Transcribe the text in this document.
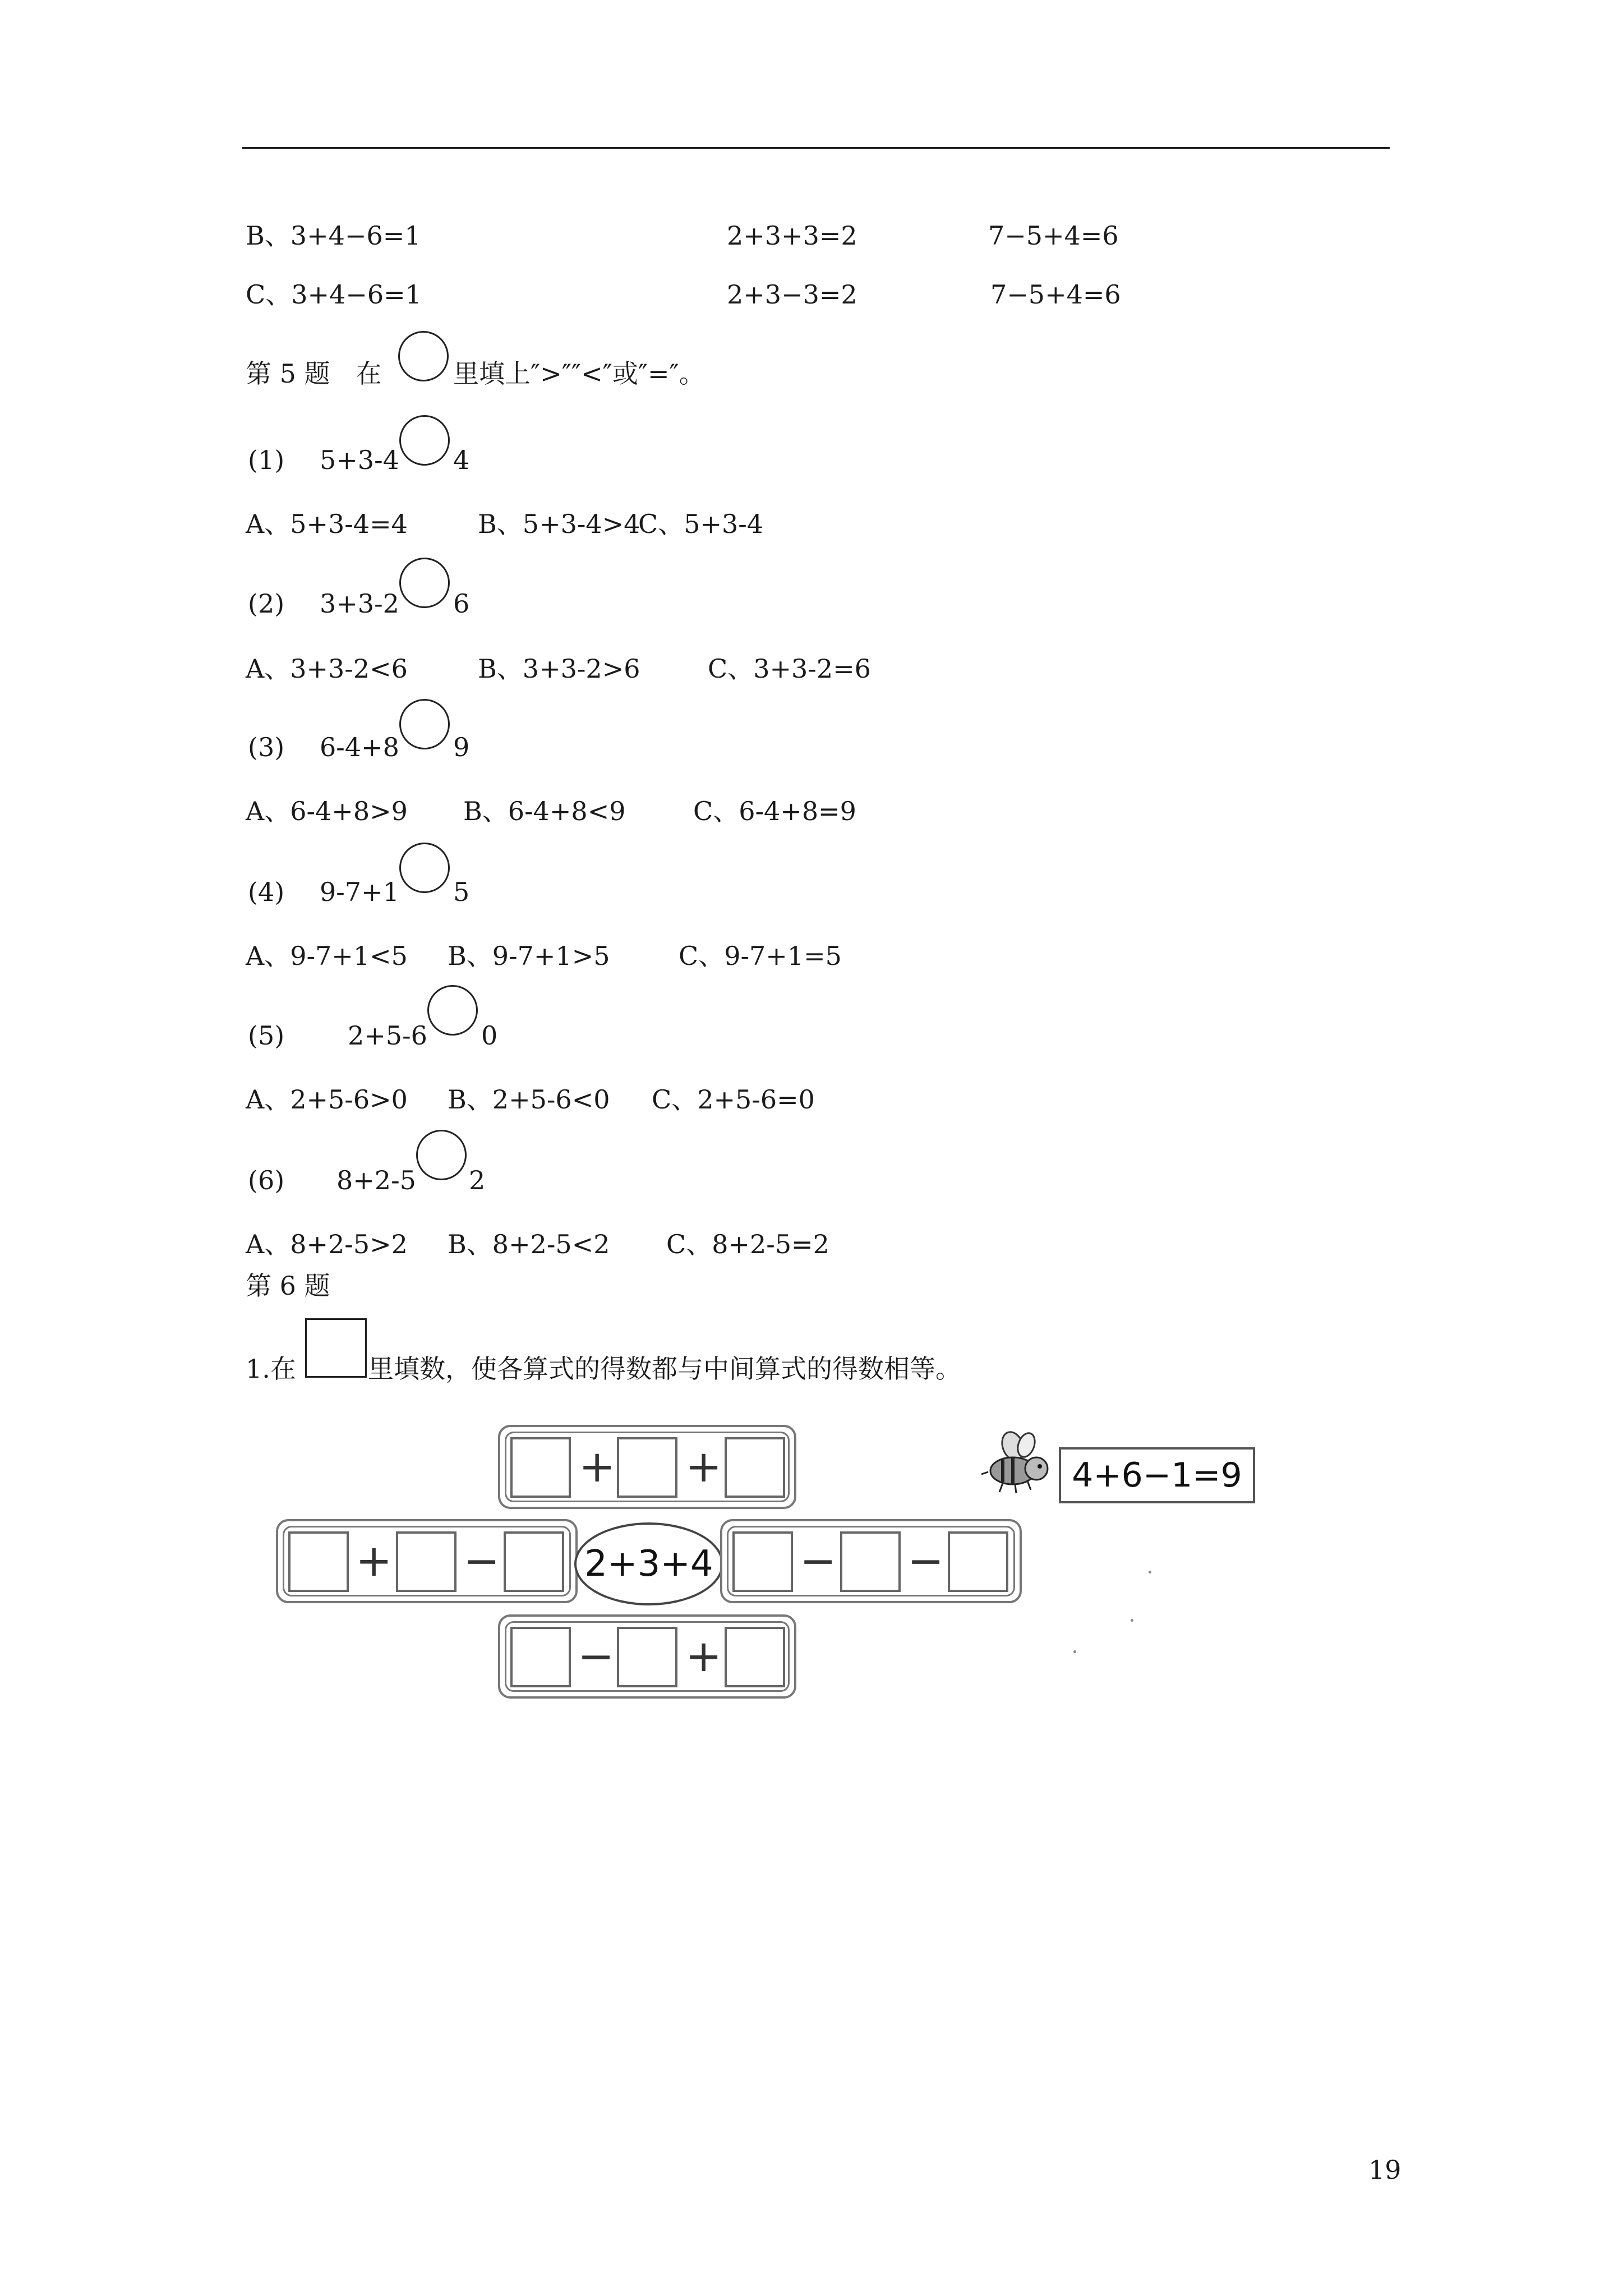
B、3+4−6=1	2+3+3=2	7−5+4=6
C、3+4−6=1	2+3−3=2	7−5+4=6
第 5 题　在	里填上″>″″<″或″=″。
(1) 5+3-4 4
A、5+3-4=4	B、5+3-4>4
C、5+3-4
(2) 3+3-2 6
A、3+3-2<6	B、3+3-2>6	C、3+3-2=6
(3) 6-4+8 9
A、6-4+8>9 B、6-4+8<9	C、6-4+8=9
(4) 9-7+1 5
A、9-7+1<5 B、9-7+1>5	C、9-7+1=5
(5) 2+5-6 0
A、2+5-6>0 B、2+5-6<0 C、2+5-6=0
(6) 8+2-5 2
A、8+2-5>2 B、8+2-5<2 C、8+2-5=2
第 6 题
1.在	里填数，使各算式的得数都与中间算式的得数相等。
+ +
+ − 2+3+4 − −
− +
4+6−1=9
19
